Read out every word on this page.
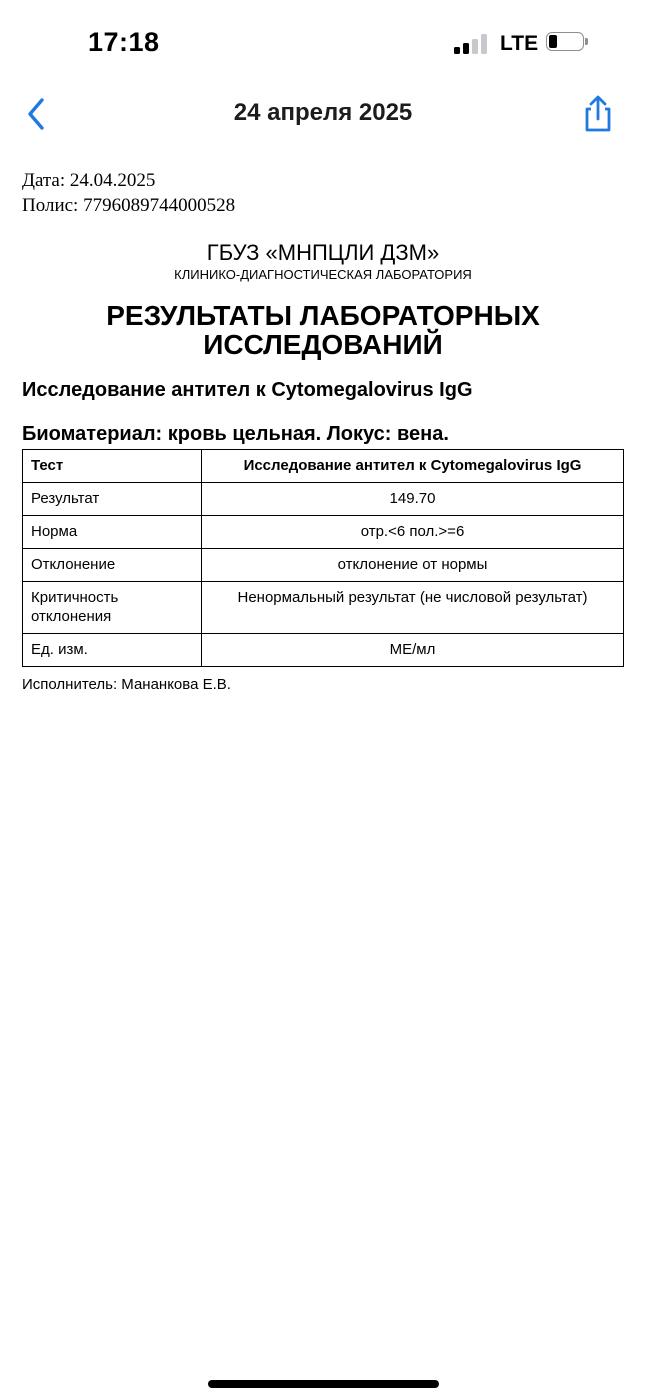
17:18	LTE
24 апреля 2025
Дата: 24.04.2025
Полис: 7796089744000528
ГБУЗ «МНПЦЛИ ДЗМ»
КЛИНИКО-ДИАГНОСТИЧЕСКАЯ ЛАБОРАТОРИЯ
РЕЗУЛЬТАТЫ ЛАБОРАТОРНЫХ
ИССЛЕДОВАНИЙ
Исследование антител к Cytomegalovirus IgG
Биоматериал: кровь цельная. Локус: вена.
Тест	Исследование антител к Cytomegalovirus IgG
Результат	149.70
Норма	отр.<6 пол.>=6
Отклонение	отклонение от нормы
Критичность отклонения	Ненормальный результат (не числовой результат)
Ед. изм.	МЕ/мл
Исполнитель: Мананкова Е.В.
